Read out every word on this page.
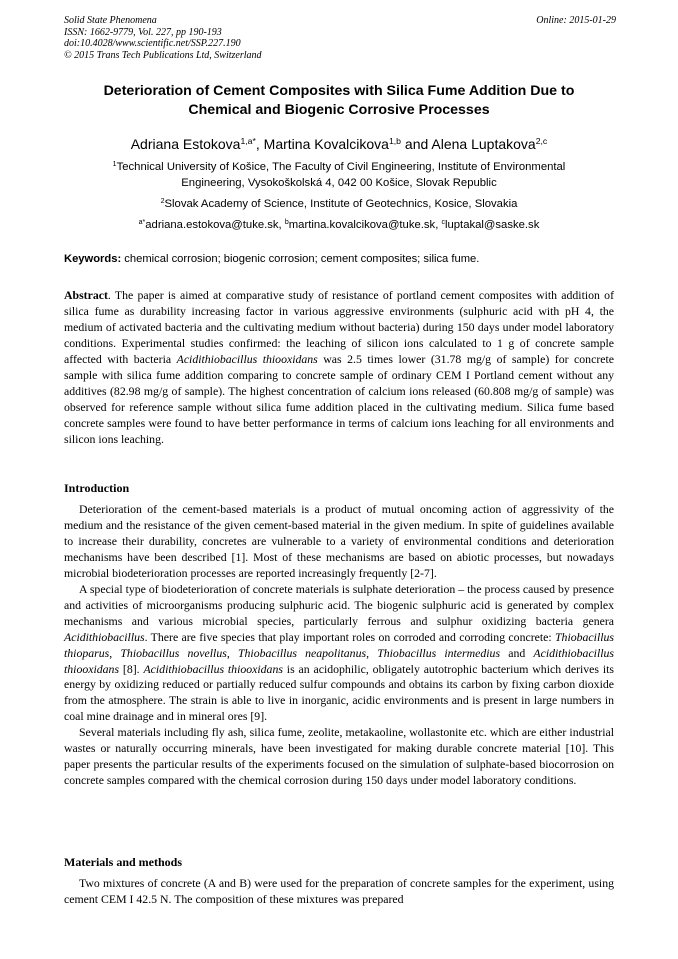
Solid State Phenomena
ISSN: 1662-9779, Vol. 227, pp 190-193
doi:10.4028/www.scientific.net/SSP.227.190
© 2015 Trans Tech Publications Ltd, Switzerland
Online: 2015-01-29
Deterioration of Cement Composites with Silica Fume Addition Due to
Chemical and Biogenic Corrosive Processes
Adriana Estokova$^{1,a*}$, Martina Kovalcikova$^{1,b}$ and Alena Luptakova$^{2,c}$
$^1$Technical University of Košice, The Faculty of Civil Engineering, Institute of Environmental
Engineering, Vysokoškolská 4, 042 00 Košice, Slovak Republic
$^2$Slovak Academy of Science, Institute of Geotechnics, Kosice, Slovakia
$^{a*}$adriana.estokova@tuke.sk, $^b$martina.kovalcikova@tuke.sk, $^c$luptakal@saske.sk
Keywords: chemical corrosion; biogenic corrosion; cement composites; silica fume.
Abstract. The paper is aimed at comparative study of resistance of portland cement composites with addition of silica fume as durability increasing factor in various aggressive environments (sulphuric acid with pH 4, the medium of activated bacteria and the cultivating medium without bacteria) during 150 days under model laboratory conditions. Experimental studies confirmed: the leaching of silicon ions calculated to 1 g of concrete sample affected with bacteria Acidithiobacillus thiooxidans was 2.5 times lower (31.78 mg/g of sample) for concrete sample with silica fume addition comparing to concrete sample of ordinary CEM I Portland cement without any additives (82.98 mg/g of sample). The highest concentration of calcium ions released (60.808 mg/g of sample) was observed for reference sample without silica fume addition placed in the cultivating medium. Silica fume based concrete samples were found to have better performance in terms of calcium ions leaching for all environments and silicon ions leaching.
Introduction

Deterioration of the cement-based materials is a product of mutual oncoming action of aggressivity of the medium and the resistance of the given cement-based material in the given medium. In spite of guidelines available to increase their durability, concretes are vulnerable to a variety of environmental conditions and deterioration mechanisms have been described [1]. Most of these mechanisms are based on abiotic processes, but nowadays microbial biodeterioration processes are reported increasingly frequently [2-7].

A special type of biodeterioration of concrete materials is sulphate deterioration – the process caused by presence and activities of microorganisms producing sulphuric acid. The biogenic sulphuric acid is generated by complex mechanisms and various microbial species, particularly ferrous and sulphur oxidizing bacteria genera Acidithiobacillus. There are five species that play important roles on corroded and corroding concrete: Thiobacillus thioparus, Thiobacillus novellus, Thiobacillus neapolitanus, Thiobacillus intermedius and Acidithiobacillus thiooxidans [8]. Acidithiobacillus thiooxidans is an acidophilic, obligately autotrophic bacterium which derives its energy by oxidizing reduced or partially reduced sulfur compounds and obtains its carbon by fixing carbon dioxide from the atmosphere. The strain is able to live in inorganic, acidic environments and is present in large numbers in coal mine drainage and in mineral ores [9].

Several materials including fly ash, silica fume, zeolite, metakaoline, wollastonite etc. which are either industrial wastes or naturally occurring minerals, have been investigated for making durable concrete material [10]. This paper presents the particular results of the experiments focused on the simulation of sulphate-based biocorrosion on concrete samples compared with the chemical corrosion during 150 days under model laboratory conditions.

Materials and methods

Two mixtures of concrete (A and B) were used for the preparation of concrete samples for the experiment, using cement CEM I 42.5 N. The composition of these mixtures was prepared
